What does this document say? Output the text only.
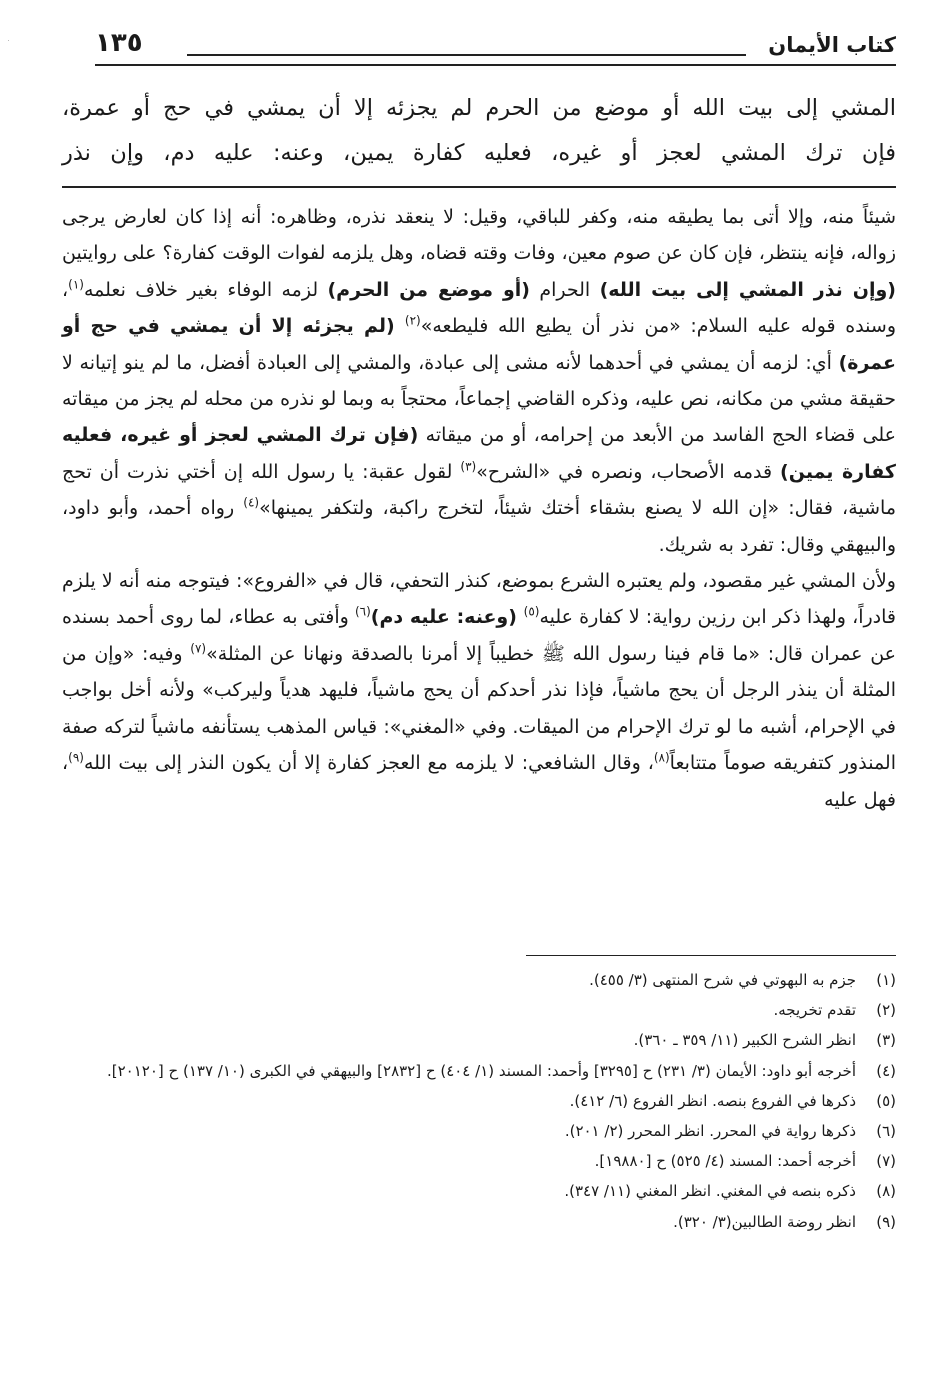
كتاب الأيمان
١٣٥

المشي إلى بيت الله أو موضع من الحرم لم يجزئه إلا أن يمشي في حج أو عمرة،

فإن ترك المشي لعجز أو غيره، فعليه كفارة يمين، وعنه: عليه دم، وإن نذر

شيئاً منه، وإلا أتى بما يطيقه منه، وكفر للباقي، وقيل: لا ينعقد نذره، وظاهره: أنه إذا كان لعارض يرجى زواله، فإنه ينتظر، فإن كان عن صوم معين، وفات وقته قضاه، وهل يلزمه لفوات الوقت كفارة؟ على روايتين (وإن نذر المشي إلى بيت الله) الحرام (أو موضع من الحرم) لزمه الوفاء بغير خلاف نعلمه$^{(١)}$، وسنده قوله عليه السلام: «من نذر أن يطيع الله فليطعه»$^{(٢)}$ (لم يجزئه إلا أن يمشي في حج أو عمرة) أي: لزمه أن يمشي في أحدهما لأنه مشى إلى عبادة، والمشي إلى العبادة أفضل، ما لم ينو إتيانه لا حقيقة مشي من مكانه، نص عليه، وذكره القاضي إجماعاً، محتجاً به وبما لو نذره من محله لم يجز من ميقاته على قضاء الحج الفاسد من الأبعد من إحرامه، أو من ميقاته (فإن ترك المشي لعجز أو غيره، فعليه كفارة يمين) قدمه الأصحاب، ونصره في «الشرح»$^{(٣)}$ لقول عقبة: يا رسول الله إن أختي نذرت أن تحج ماشية، فقال: «إن الله لا يصنع بشقاء أختك شيئاً، لتخرج راكبة، ولتكفر يمينها»$^{(٤)}$ رواه أحمد، وأبو داود، والبيهقي وقال: تفرد به شريك.

ولأن المشي غير مقصود، ولم يعتبره الشرع بموضع، كنذر التحفي، قال في «الفروع»: فيتوجه منه أنه لا يلزم قادراً، ولهذا ذكر ابن رزين رواية: لا كفارة عليه$^{(٥)}$ (وعنه: عليه دم)$^{(٦)}$ وأفتى به عطاء، لما روى أحمد بسنده عن عمران قال: «ما قام فينا رسول الله ﷺ خطيباً إلا أمرنا بالصدقة ونهانا عن المثلة»$^{(٧)}$ وفيه: «وإن من المثلة أن ينذر الرجل أن يحج ماشياً، فإذا نذر أحدكم أن يحج ماشياً، فليهد هدياً وليركب» ولأنه أخل بواجب في الإحرام، أشبه ما لو ترك الإحرام من الميقات. وفي «المغني»: قياس المذهب يستأنفه ماشياً لتركه صفة المنذور كتفريقه صوماً متتابعاً$^{(٨)}$، وقال الشافعي: لا يلزمه مع العجز كفارة إلا أن يكون النذر إلى بيت الله$^{(٩)}$، فهل عليه

(١)
جزم به البهوتي في شرح المنتهى (٣/ ٤٥٥).
(٢)
تقدم تخريجه.
(٣)
انظر الشرح الكبير (١١/ ٣٥٩ ـ ٣٦٠).
(٤)
أخرجه أبو داود: الأيمان (٣/ ٢٣١) ح [٣٢٩٥] وأحمد: المسند (١/ ٤٠٤) ح [٢٨٣٢] والبيهقي في الكبرى (١٠/ ١٣٧) ح [٢٠١٢٠].
(٥)
ذكرها في الفروع بنصه. انظر الفروع (٦/ ٤١٢).
(٦)
ذكرها رواية في المحرر. انظر المحرر (٢/ ٢٠١).
(٧)
أخرجه أحمد: المسند (٤/ ٥٢٥) ح [١٩٨٨٠].
(٨)
ذكره بنصه في المغني. انظر المغني (١١/ ٣٤٧).
(٩)
انظر روضة الطالبين(٣/ ٣٢٠).
